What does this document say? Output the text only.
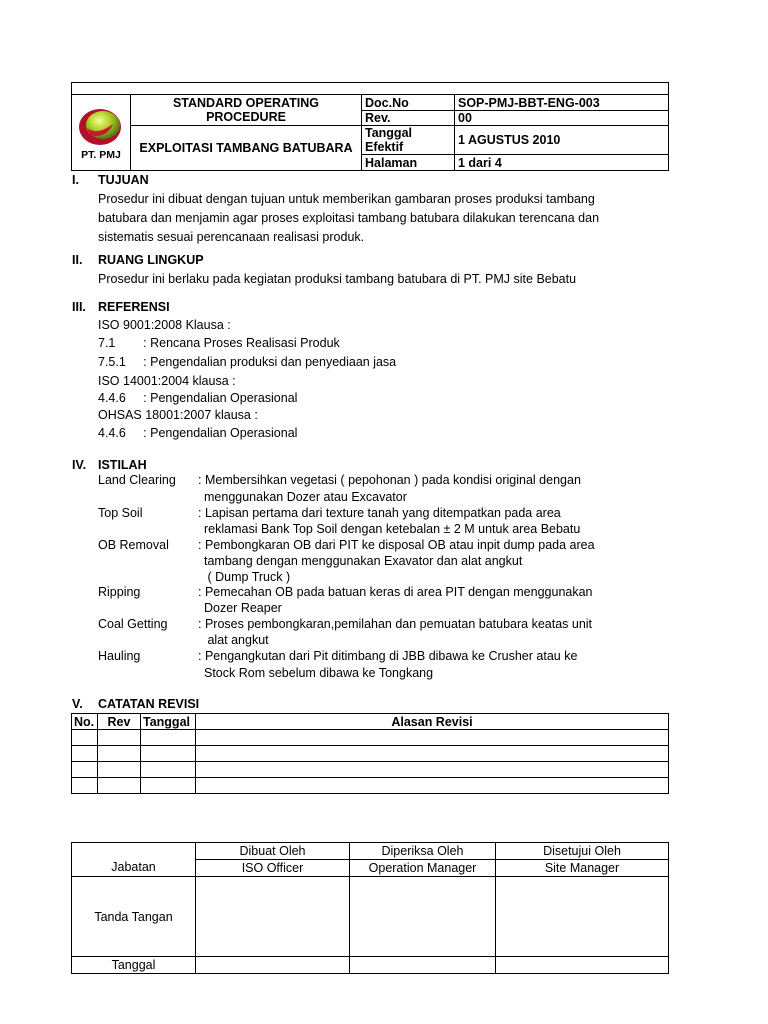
PT. PMJ	STANDARD OPERATING PROCEDURE	Doc.No	SOP-PMJ-BBT-ENG-003
		Rev.	00
	EXPLOITASI TAMBANG BATUBARA	Tanggal Efektif	1 AGUSTUS 2010
		Halaman	1 dari 4
I. TUJUAN
Prosedur ini dibuat dengan tujuan untuk memberikan gambaran proses produksi tambang
batubara dan menjamin agar proses exploitasi tambang batubara dilakukan terencana dan
sistematis sesuai perencanaan realisasi produk.
II. RUANG LINGKUP
Prosedur ini berlaku pada kegiatan produksi tambang batubara di PT. PMJ site Bebatu
III. REFERENSI
ISO 9001:2008 Klausa :
7.1        : Rencana Proses Realisasi Produk
7.5.1     : Pengendalian produksi dan penyediaan jasa
ISO 14001:2004 klausa :
4.4.6     : Pengendalian Operasional
OHSAS 18001:2007 klausa :
4.4.6     : Pengendalian Operasional
IV. ISTILAH
Land Clearing : Membersihkan vegetasi ( pepohonan ) pada kondisi original dengan
menggunakan Dozer atau Excavator
Top Soil	: Lapisan pertama dari texture tanah yang ditempatkan pada area
reklamasi Bank Top Soil dengan ketebalan ± 2 M untuk area Bebatu
OB Removal : Pembongkaran OB dari PIT ke disposal OB atau inpit dump pada area
tambang dengan menggunakan Exavator dan alat angkut
( Dump Truck )
Ripping	: Pemecahan OB pada batuan keras di area PIT dengan menggunakan
Dozer Reaper
Coal Getting : Proses pembongkaran,pemilahan dan pemuatan batubara keatas unit
alat angkut
Hauling	: Pengangkutan dari Pit ditimbang di JBB dibawa ke Crusher atau ke
Stock Rom sebelum dibawa ke Tongkang
V. CATATAN REVISI
No.	Rev	Tanggal	Alasan Revisi

Jabatan	Dibuat Oleh	Diperiksa Oleh	Disetujui Oleh
	ISO Officer	Operation Manager	Site Manager
Tanda Tangan			
Tanggal			
